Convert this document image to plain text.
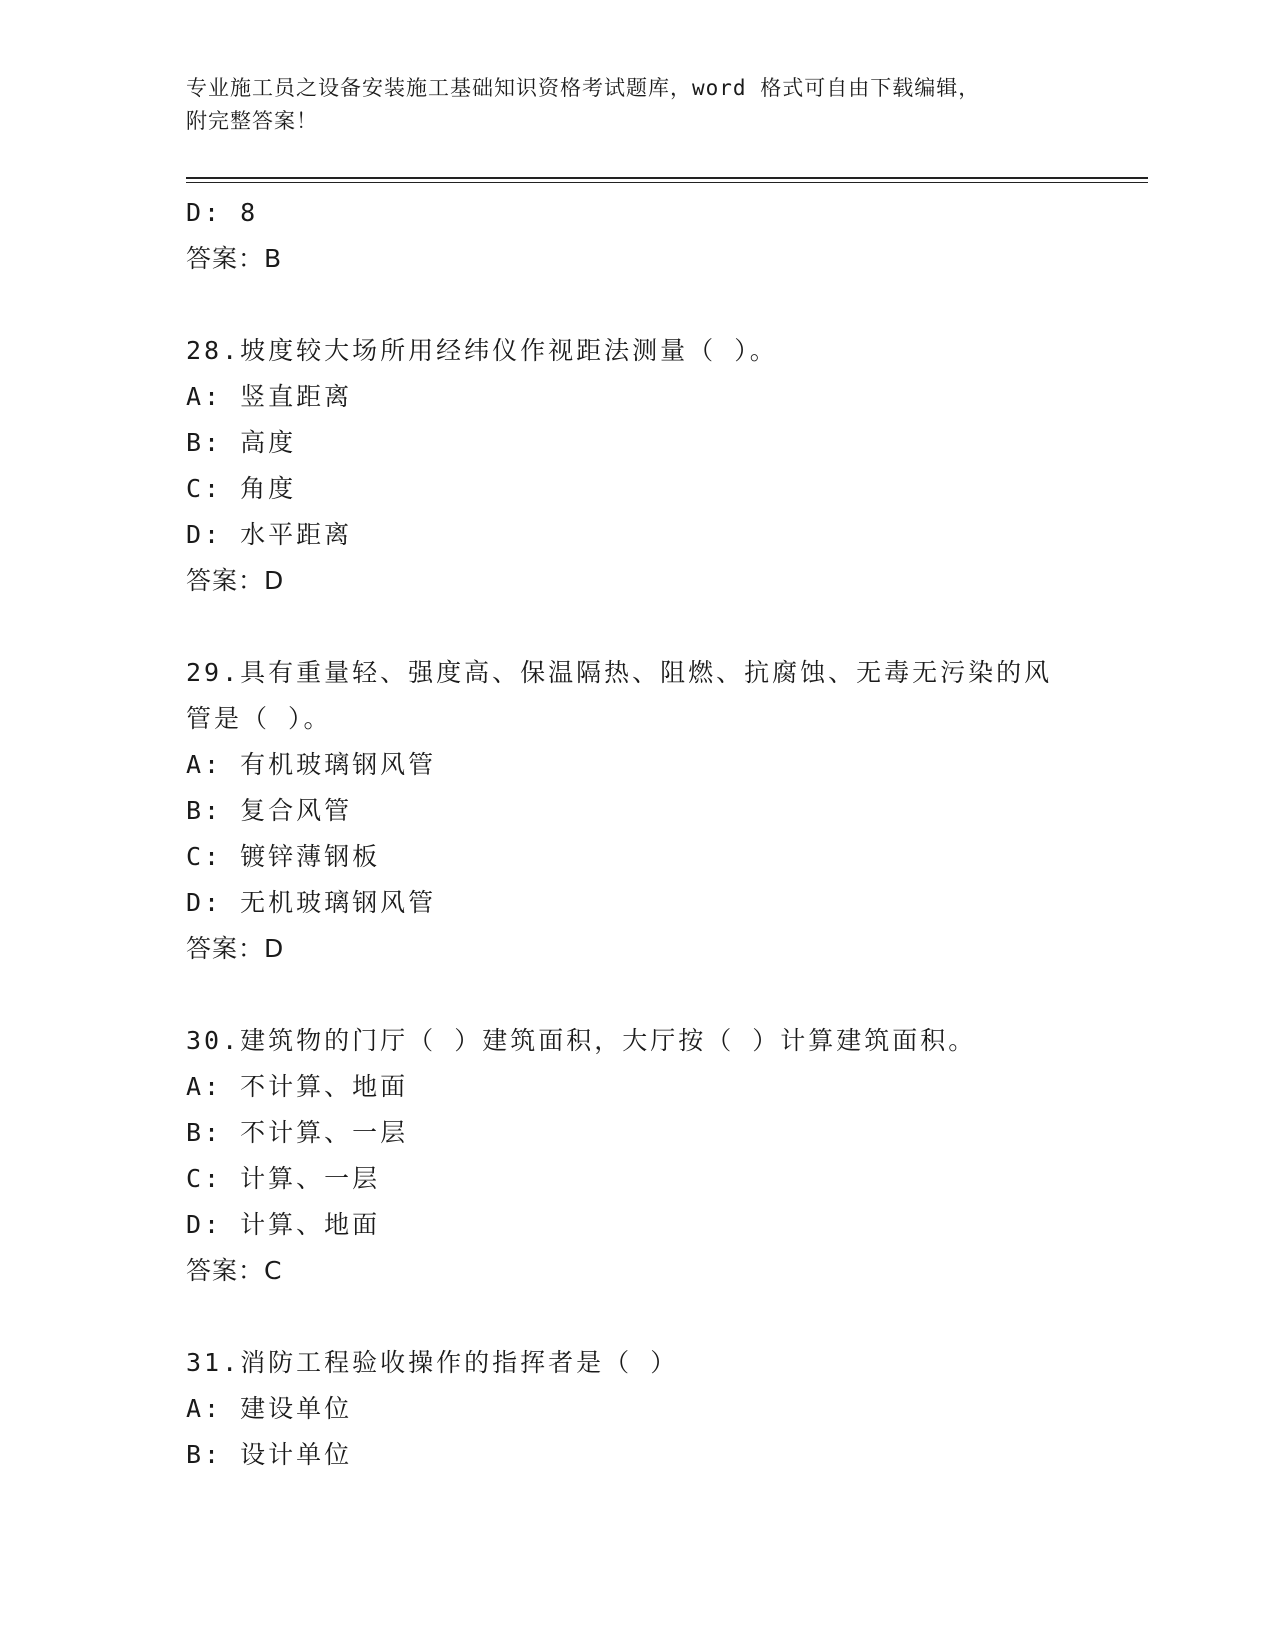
专业施工员之设备安装施工基础知识资格考试题库，word 格式可自由下载编辑，
附完整答案！
D: 8
答案：B
28.坡度较大场所用经纬仪作视距法测量（ ）。
A: 竖直距离
B: 高度
C: 角度
D: 水平距离
答案：D
29.具有重量轻、强度高、保温隔热、阻燃、抗腐蚀、无毒无污染的风
管是（ ）。
A: 有机玻璃钢风管
B: 复合风管
C: 镀锌薄钢板
D: 无机玻璃钢风管
答案：D
30.建筑物的门厅（ ）建筑面积，大厅按（ ）计算建筑面积。
A: 不计算、地面
B: 不计算、一层
C: 计算、一层
D: 计算、地面
答案：C
31.消防工程验收操作的指挥者是（ ）
A: 建设单位
B: 设计单位
